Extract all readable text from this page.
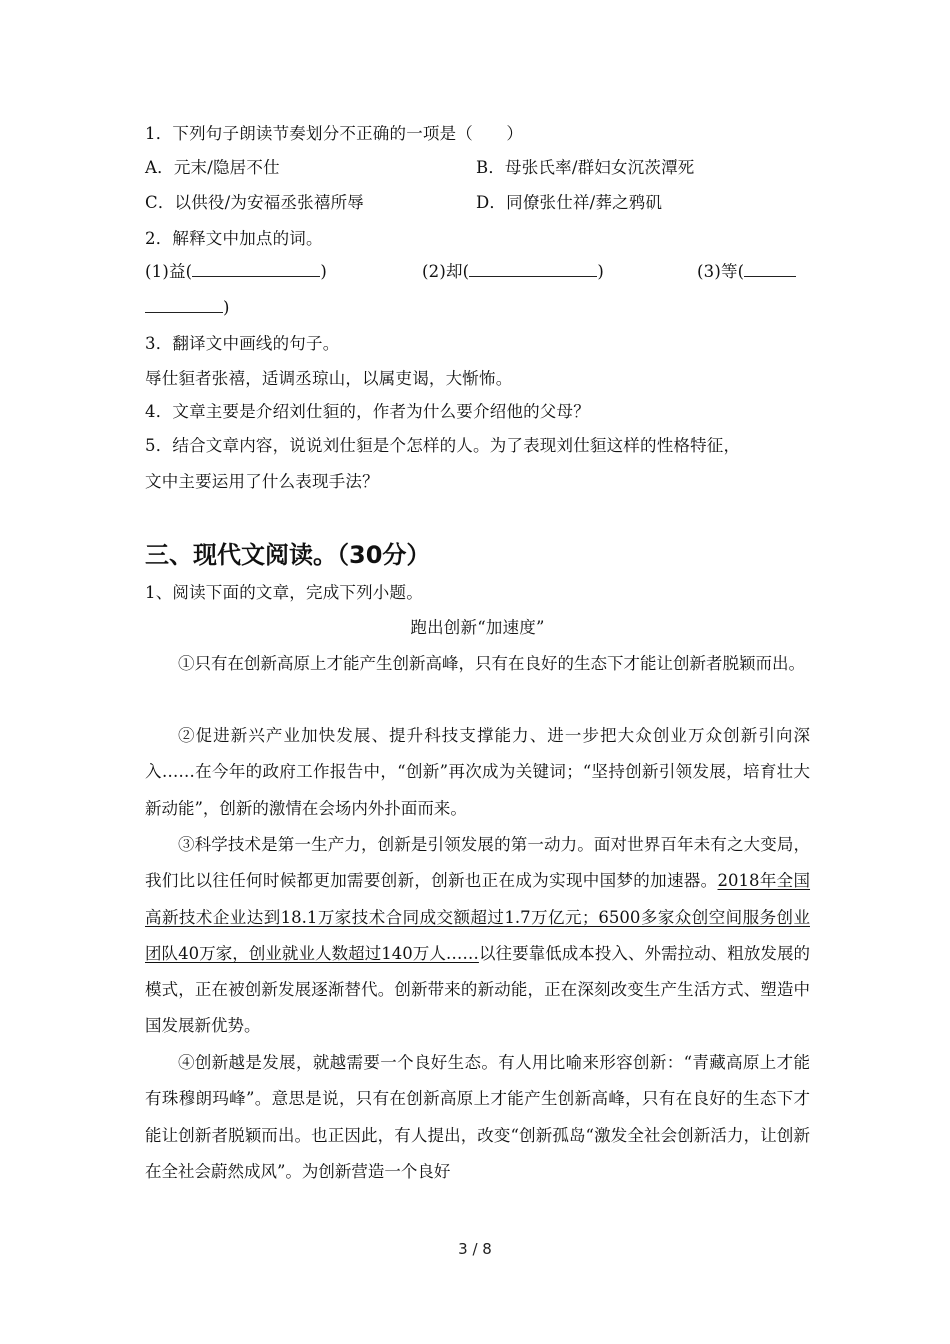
1．下列句子朗读节奏划分不正确的一项是（　　）
A．元末/隐居不仕	B．母张氏率/群妇女沉茨潭死
C．以供役/为安福丞张禧所辱	D．同僚张仕祥/葬之鸦矶
2．解释文中加点的词。
(1)益(	)	(2)却(	)	(3)等(
)
3．翻译文中画线的句子。
辱仕貆者张禧，适调丞琼山，以属吏谒，大惭怖。
4．文章主要是介绍刘仕貆的，作者为什么要介绍他的父母？
5．结合文章内容，说说刘仕貆是个怎样的人。为了表现刘仕貆这样的性格特征，
文中主要运用了什么表现手法？
三、现代文阅读。（30分）
1、阅读下面的文章，完成下列小题。
跑出创新“加速度”
①只有在创新高原上才能产生创新高峰，只有在良好的生态下才能让创新者脱颖而出。
②促进新兴产业加快发展、提升科技支撑能力、进一步把大众创业万众创新引向深入……在今年的政府工作报告中，“创新”再次成为关键词；“坚持创新引领发展，培育壮大新动能”，创新的激情在会场内外扑面而来。
③科学技术是第一生产力，创新是引领发展的第一动力。面对世界百年未有之大变局，我们比以往任何时候都更加需要创新，创新也正在成为实现中国梦的加速器。2018年全国高新技术企业达到18.1万家技术合同成交额超过1.7万亿元；6500多家众创空间服务创业团队40万家，创业就业人数超过140万人……以往要靠低成本投入、外需拉动、粗放发展的模式，正在被创新发展逐渐替代。创新带来的新动能，正在深刻改变生产生活方式、塑造中国发展新优势。
④创新越是发展，就越需要一个良好生态。有人用比喻来形容创新：“青藏高原上才能有珠穆朗玛峰”。意思是说，只有在创新高原上才能产生创新高峰，只有在良好的生态下才能让创新者脱颖而出。也正因此，有人提出，改变“创新孤岛“激发全社会创新活力，让创新在全社会蔚然成风”。为创新营造一个良好
3 / 8
